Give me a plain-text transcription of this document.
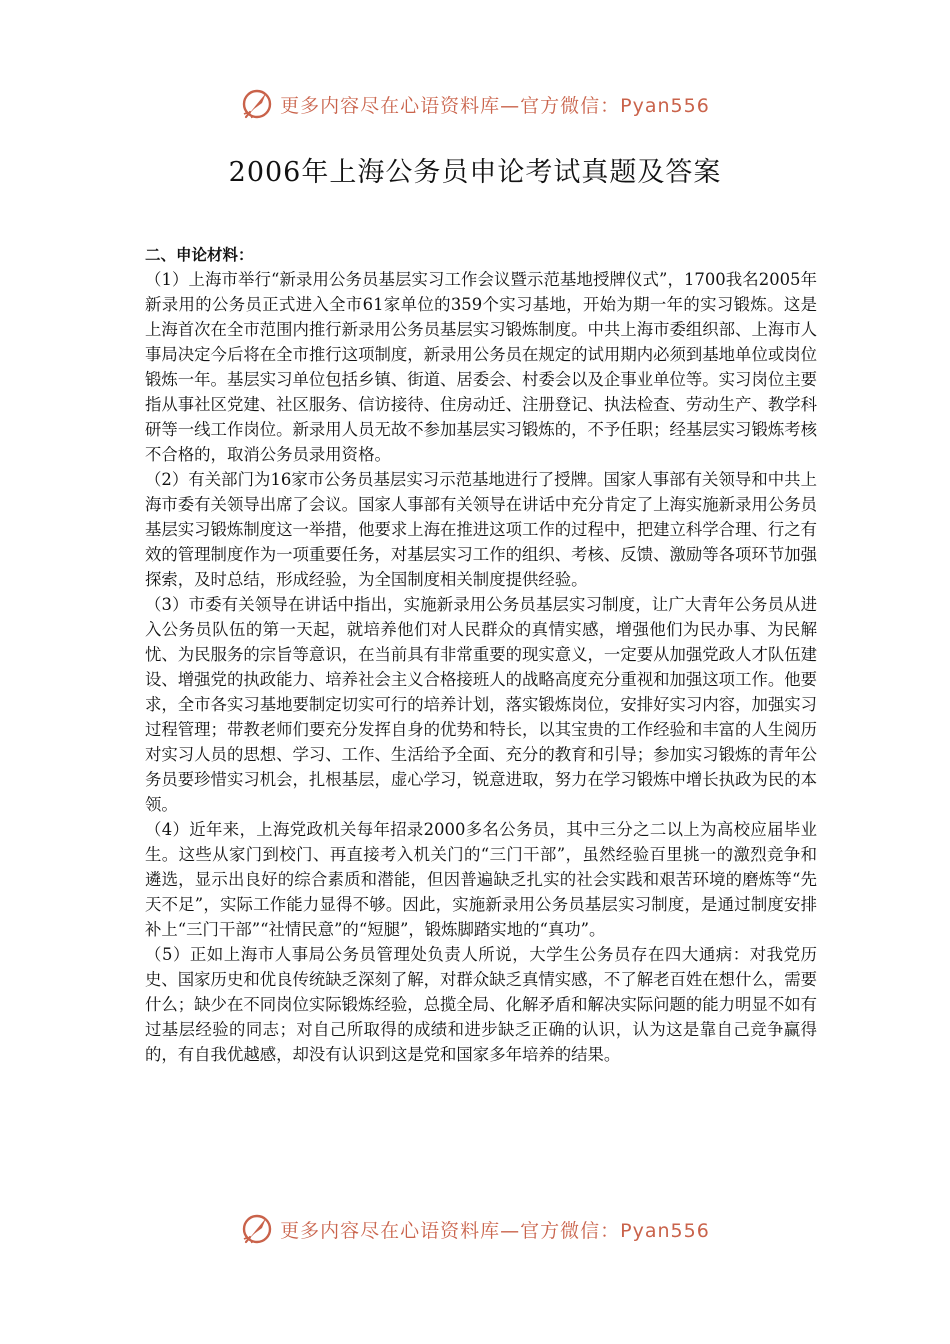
更多内容尽在心语资料库—官方微信：Pyan556
2006年上海公务员申论考试真题及答案

二、申论材料：

（1）上海市举行“新录用公务员基层实习工作会议暨示范基地授牌仪式”，1700我名2005年新录用的公务员正式进入全市61家单位的359个实习基地，开始为期一年的实习锻炼。这是上海首次在全市范围内推行新录用公务员基层实习锻炼制度。中共上海市委组织部、上海市人事局决定今后将在全市推行这项制度，新录用公务员在规定的试用期内必须到基地单位或岗位锻炼一年。基层实习单位包括乡镇、街道、居委会、村委会以及企事业单位等。实习岗位主要指从事社区党建、社区服务、信访接待、住房动迁、注册登记、执法检查、劳动生产、教学科研等一线工作岗位。新录用人员无故不参加基层实习锻炼的，不予任职；经基层实习锻炼考核不合格的，取消公务员录用资格。

（2）有关部门为16家市公务员基层实习示范基地进行了授牌。国家人事部有关领导和中共上海市委有关领导出席了会议。国家人事部有关领导在讲话中充分肯定了上海实施新录用公务员基层实习锻炼制度这一举措，他要求上海在推进这项工作的过程中，把建立科学合理、行之有效的管理制度作为一项重要任务，对基层实习工作的组织、考核、反馈、激励等各项环节加强探索，及时总结，形成经验，为全国制度相关制度提供经验。

（3）市委有关领导在讲话中指出，实施新录用公务员基层实习制度，让广大青年公务员从进入公务员队伍的第一天起，就培养他们对人民群众的真情实感，增强他们为民办事、为民解忧、为民服务的宗旨等意识，在当前具有非常重要的现实意义，一定要从加强党政人才队伍建设、增强党的执政能力、培养社会主义合格接班人的战略高度充分重视和加强这项工作。他要求，全市各实习基地要制定切实可行的培养计划，落实锻炼岗位，安排好实习内容，加强实习过程管理；带教老师们要充分发挥自身的优势和特长，以其宝贵的工作经验和丰富的人生阅历对实习人员的思想、学习、工作、生活给予全面、充分的教育和引导；参加实习锻炼的青年公务员要珍惜实习机会，扎根基层，虚心学习，锐意进取，努力在学习锻炼中增长执政为民的本领。

（4）近年来，上海党政机关每年招录2000多名公务员，其中三分之二以上为高校应届毕业生。这些从家门到校门、再直接考入机关门的“三门干部”，虽然经验百里挑一的激烈竞争和遴选，显示出良好的综合素质和潜能，但因普遍缺乏扎实的社会实践和艰苦环境的磨炼等“先天不足”，实际工作能力显得不够。因此，实施新录用公务员基层实习制度，是通过制度安排补上“三门干部”“社情民意”的“短腿”，锻炼脚踏实地的“真功”。

（5）正如上海市人事局公务员管理处负责人所说，大学生公务员存在四大通病：对我党历史、国家历史和优良传统缺乏深刻了解，对群众缺乏真情实感，不了解老百姓在想什么，需要什么；缺少在不同岗位实际锻炼经验，总揽全局、化解矛盾和解决实际问题的能力明显不如有过基层经验的同志；对自己所取得的成绩和进步缺乏正确的认识，认为这是靠自己竞争赢得的，有自我优越感，却没有认识到这是党和国家多年培养的结果。

更多内容尽在心语资料库—官方微信：Pyan556
